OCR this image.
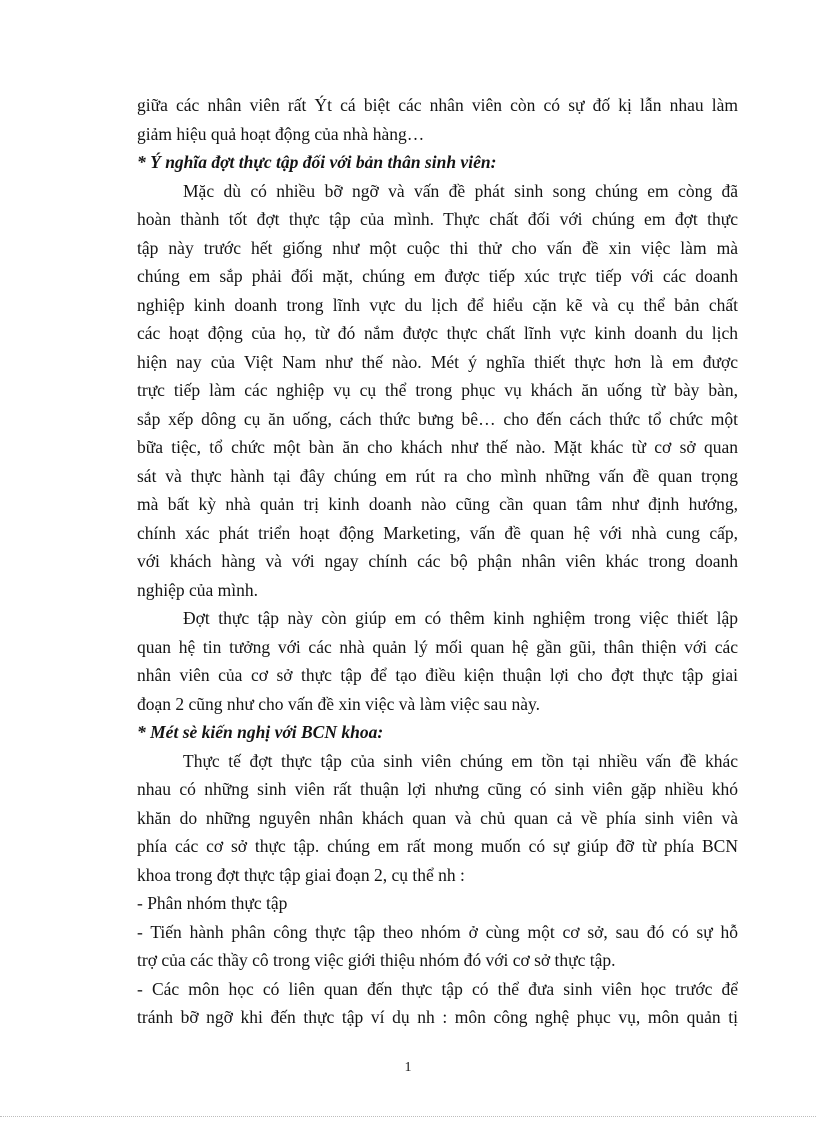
giữa các nhân viên rất Ýt cá biệt các nhân viên còn có sự đố kị lẫn nhau làm
giảm hiệu quả hoạt động của nhà hàng…
* Ý nghĩa đợt thực tập đối với bản thân sinh viên:
Mặc dù có nhiều bỡ ngỡ và vấn đề phát sinh song chúng em còng đã
hoàn thành tốt đợt thực tập của mình. Thực chất đối với chúng em đợt thực
tập này trước hết giống như một cuộc thi thử cho vấn đề xin việc làm mà
chúng em sắp phải đối mặt, chúng em được tiếp xúc trực tiếp với các doanh
nghiệp kinh doanh trong lĩnh vực du lịch để hiểu cặn kẽ và cụ thể bản chất
các hoạt động của họ, từ đó nắm được thực chất lĩnh vực kinh doanh du lịch
hiện nay của Việt Nam như thế nào. Mét ý nghĩa thiết thực hơn là em được
trực tiếp làm các nghiệp vụ cụ thể trong phục vụ khách ăn uống từ bày bàn,
sắp xếp dông cụ ăn uống, cách thức bưng bê… cho đến cách thức tổ chức một
bữa tiệc, tổ chức một bàn ăn cho khách như thế nào. Mặt khác từ cơ sở quan
sát và thực hành tại đây chúng em rút ra cho mình những vấn đề quan trọng
mà bất kỳ nhà quản trị kinh doanh nào cũng cần quan tâm như định hướng,
chính xác phát triển hoạt động Marketing, vấn đề quan hệ với nhà cung cấp,
với khách hàng và với ngay chính các bộ phận nhân viên khác trong doanh
nghiệp của mình.
Đợt thực tập này còn giúp em có thêm kinh nghiệm trong việc thiết lập
quan hệ tin tưởng với các nhà quản lý mối quan hệ gần gũi, thân thiện với các
nhân viên của cơ sở thực tập để tạo điều kiện thuận lợi cho đợt thực tập giai
đoạn 2 cũng như cho vấn đề xin việc và làm việc sau này.
* Mét sè kiến nghị với BCN khoa:
Thực tế đợt thực tập của sinh viên chúng em tồn tại nhiều vấn đề khác
nhau có những sinh viên rất thuận lợi nhưng cũng có sinh viên gặp nhiều khó
khăn do những nguyên nhân khách quan và chủ quan cả về phía sinh viên và
phía các cơ sở thực tập. chúng em rất mong muốn có sự giúp đỡ từ phía BCN
khoa trong đợt thực tập giai đoạn 2, cụ thể nh :
- Phân nhóm thực tập
- Tiến hành phân công thực tập theo nhóm ở cùng một cơ sở, sau đó có sự hỗ
trợ của các thầy cô trong việc giới thiệu nhóm đó với cơ sở thực tập.
- Các môn học có liên quan đến thực tập có thể đưa sinh viên học trước để
tránh bỡ ngỡ khi đến thực tập ví dụ nh : môn công nghệ phục vụ, môn quản tị
1
